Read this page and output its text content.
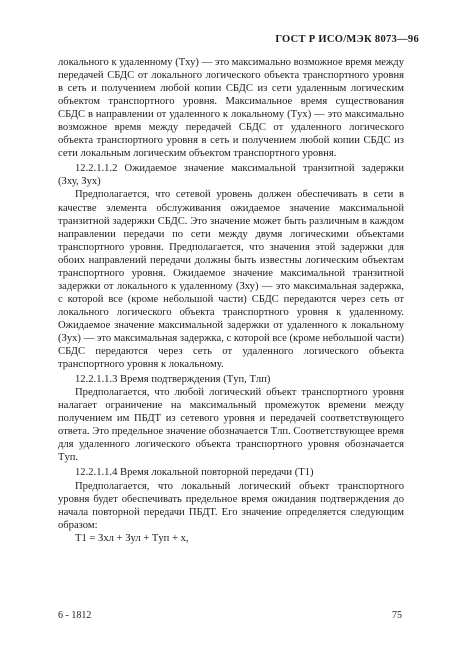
ГОСТ Р ИСО/МЭК 8073—96

локального к удаленному (Tху) — это максимально возможное время между передачей СБДС от локального логического объекта транспортного уровня в сеть и получением любой копии СБДС из сети удаленным логическим объектом транспортного уровня. Максимальное время существования СБДС в направлении от удаленного к локальному (Tух) — это максимально возможное время между передачей СБДС от удаленного логического объекта транспортного уровня в сеть и получением любой копии СБДС из сети локальным логическим объектом транспортного уровня.

12.2.1.1.2 Ожидаемое значение максимальной транзитной задержки (Зху, Зух)

Предполагается, что сетевой уровень должен обеспечивать в сети в качестве элемента обслуживания ожидаемое значение максимальной транзитной задержки СБДС. Это значение может быть различным в каждом направлении передачи по сети между двумя логическими объектами транспортного уровня. Предполагается, что значения этой задержки для обоих направлений передачи должны быть известны логическим объектам транспортного уровня. Ожидаемое значение максимальной транзитной задержки от локального к удаленному (Зху) — это максимальная задержка, с которой все (кроме небольшой части) СБДС передаются через сеть от локального логического объекта транспортного уровня к удаленному. Ожидаемое значение максимальной задержки от удаленного к локальному (Зух) — это максимальная задержка, с которой все (кроме небольшой части) СБДС передаются через сеть от удаленного логического объекта транспортного уровня к локальному.

12.2.1.1.3 Время подтверждения (Tуп, Tлп)

Предполагается, что любой логический объект транспортного уровня налагает ограничение на максимальный промежуток времени между получением им ПБДТ из сетевого уровня и передачей соответствующего ответа. Это предельное значение обозначается Tлп. Соответствующее время для удаленного логического объекта транспортного уровня обозначается Tуп.

12.2.1.1.4 Время локальной повторной передачи (T1)

Предполагается, что локальный логический объект транспортного уровня будет обеспечивать предельное время ожидания подтверждения до начала повторной передачи ПБДТ. Его значение определяется следующим образом:

T1 = Зхл + Зул + Tуп + x,

6 - 1812	75
